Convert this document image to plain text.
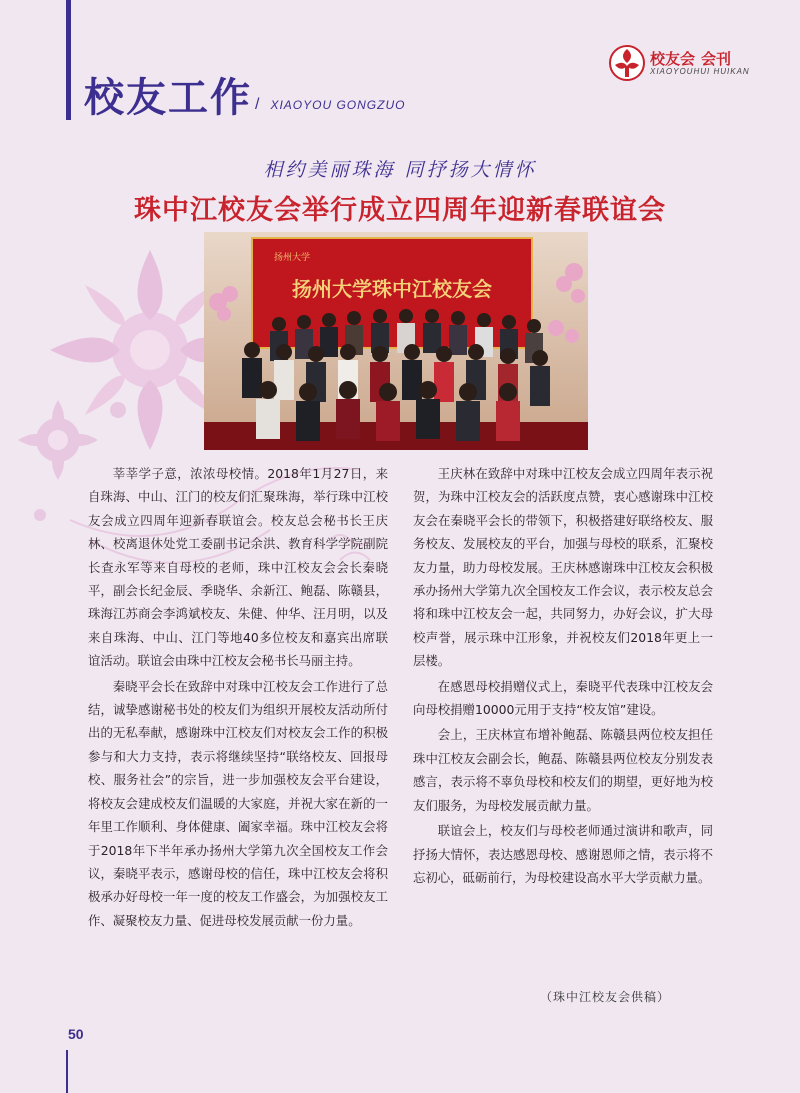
校友工作 / XIAOYOU GONGZUO
校友会 会刊
XIAOYOUHUI HUIKAN
相约美丽珠海 同抒扬大情怀
珠中江校友会举行成立四周年迎新春联谊会
扬州大学
扬州大学珠中江校友会

莘莘学子意，浓浓母校情。2018年1月27日，来自珠海、中山、江门的校友们汇聚珠海，举行珠中江校友会成立四周年迎新春联谊会。校友总会秘书长王庆林、校离退休处党工委副书记余洪、教育科学学院副院长查永军等来自母校的老师，珠中江校友会会长秦晓平，副会长纪金辰、季晓华、余新江、鲍磊、陈赣县，珠海江苏商会李鸿斌校友、朱健、仲华、汪月明，以及来自珠海、中山、江门等地40多位校友和嘉宾出席联谊活动。联谊会由珠中江校友会秘书长马丽主持。

秦晓平会长在致辞中对珠中江校友会工作进行了总结，诚挚感谢秘书处的校友们为组织开展校友活动所付出的无私奉献，感谢珠中江校友们对校友会工作的积极参与和大力支持，表示将继续坚持“联络校友、回报母校、服务社会”的宗旨，进一步加强校友会平台建设，将校友会建成校友们温暖的大家庭，并祝大家在新的一年里工作顺利、身体健康、阖家幸福。珠中江校友会将于2018年下半年承办扬州大学第九次全国校友工作会议，秦晓平表示，感谢母校的信任，珠中江校友会将积极承办好母校一年一度的校友工作盛会，为加强校友工作、凝聚校友力量、促进母校发展贡献一份力量。

王庆林在致辞中对珠中江校友会成立四周年表示祝贺，为珠中江校友会的活跃度点赞，衷心感谢珠中江校友会在秦晓平会长的带领下，积极搭建好联络校友、服务校友、发展校友的平台，加强与母校的联系，汇聚校友力量，助力母校发展。王庆林感谢珠中江校友会积极承办扬州大学第九次全国校友工作会议，表示校友总会将和珠中江校友会一起，共同努力，办好会议，扩大母校声誉，展示珠中江形象，并祝校友们2018年更上一层楼。

在感恩母校捐赠仪式上，秦晓平代表珠中江校友会向母校捐赠10000元用于支持“校友馆”建设。

会上，王庆林宣布增补鲍磊、陈赣县两位校友担任珠中江校友会副会长，鲍磊、陈赣县两位校友分别发表感言，表示将不辜负母校和校友们的期望，更好地为校友们服务，为母校发展贡献力量。

联谊会上，校友们与母校老师通过演讲和歌声，同抒扬大情怀，表达感恩母校、感谢恩师之情，表示将不忘初心，砥砺前行，为母校建设高水平大学贡献力量。

（珠中江校友会供稿）
50
